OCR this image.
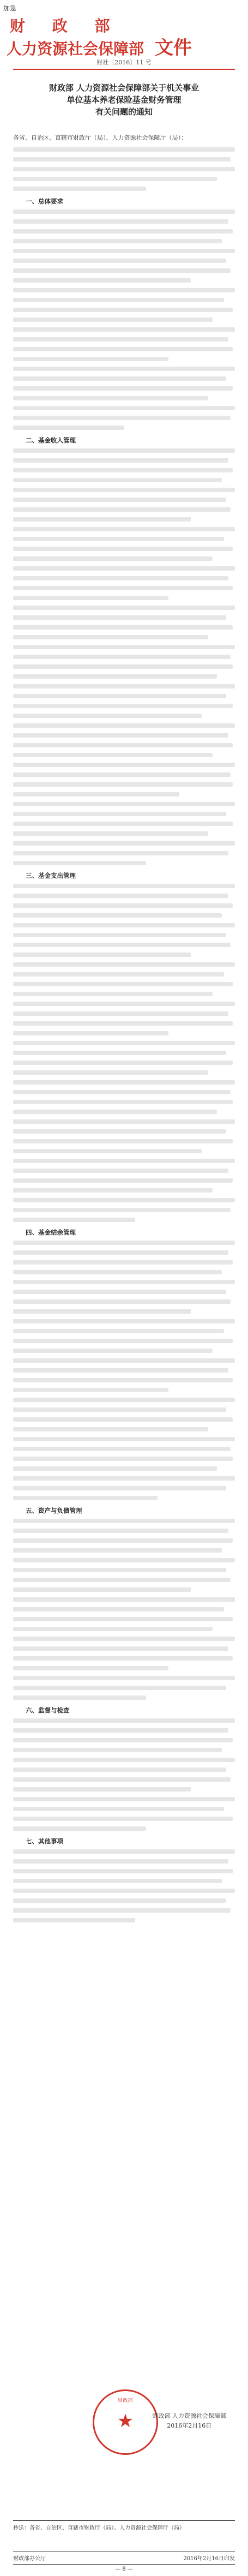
加急
财 政 部
人力资源社会保障部 文件
财社〔2016〕11 号
财政部 人力资源社会保障部关于机关事业
单位基本养老保险基金财务管理
有关问题的通知

各省、自治区、直辖市财政厅（局）、人力资源社会保障厅（局）：

一、总体要求
二、基金收入管理
三、基金支出管理
四、基金结余管理
五、资产与负债管理
六、监督与检查
七、其他事项
财政部
★	财政部 人力资源社会保障部
2016年2月16日
抄送：各省、自治区、直辖市财政厅（局）、人力资源社会保障厅（局）
财政部办公厅	2016年2月16日印发
— 8 —
